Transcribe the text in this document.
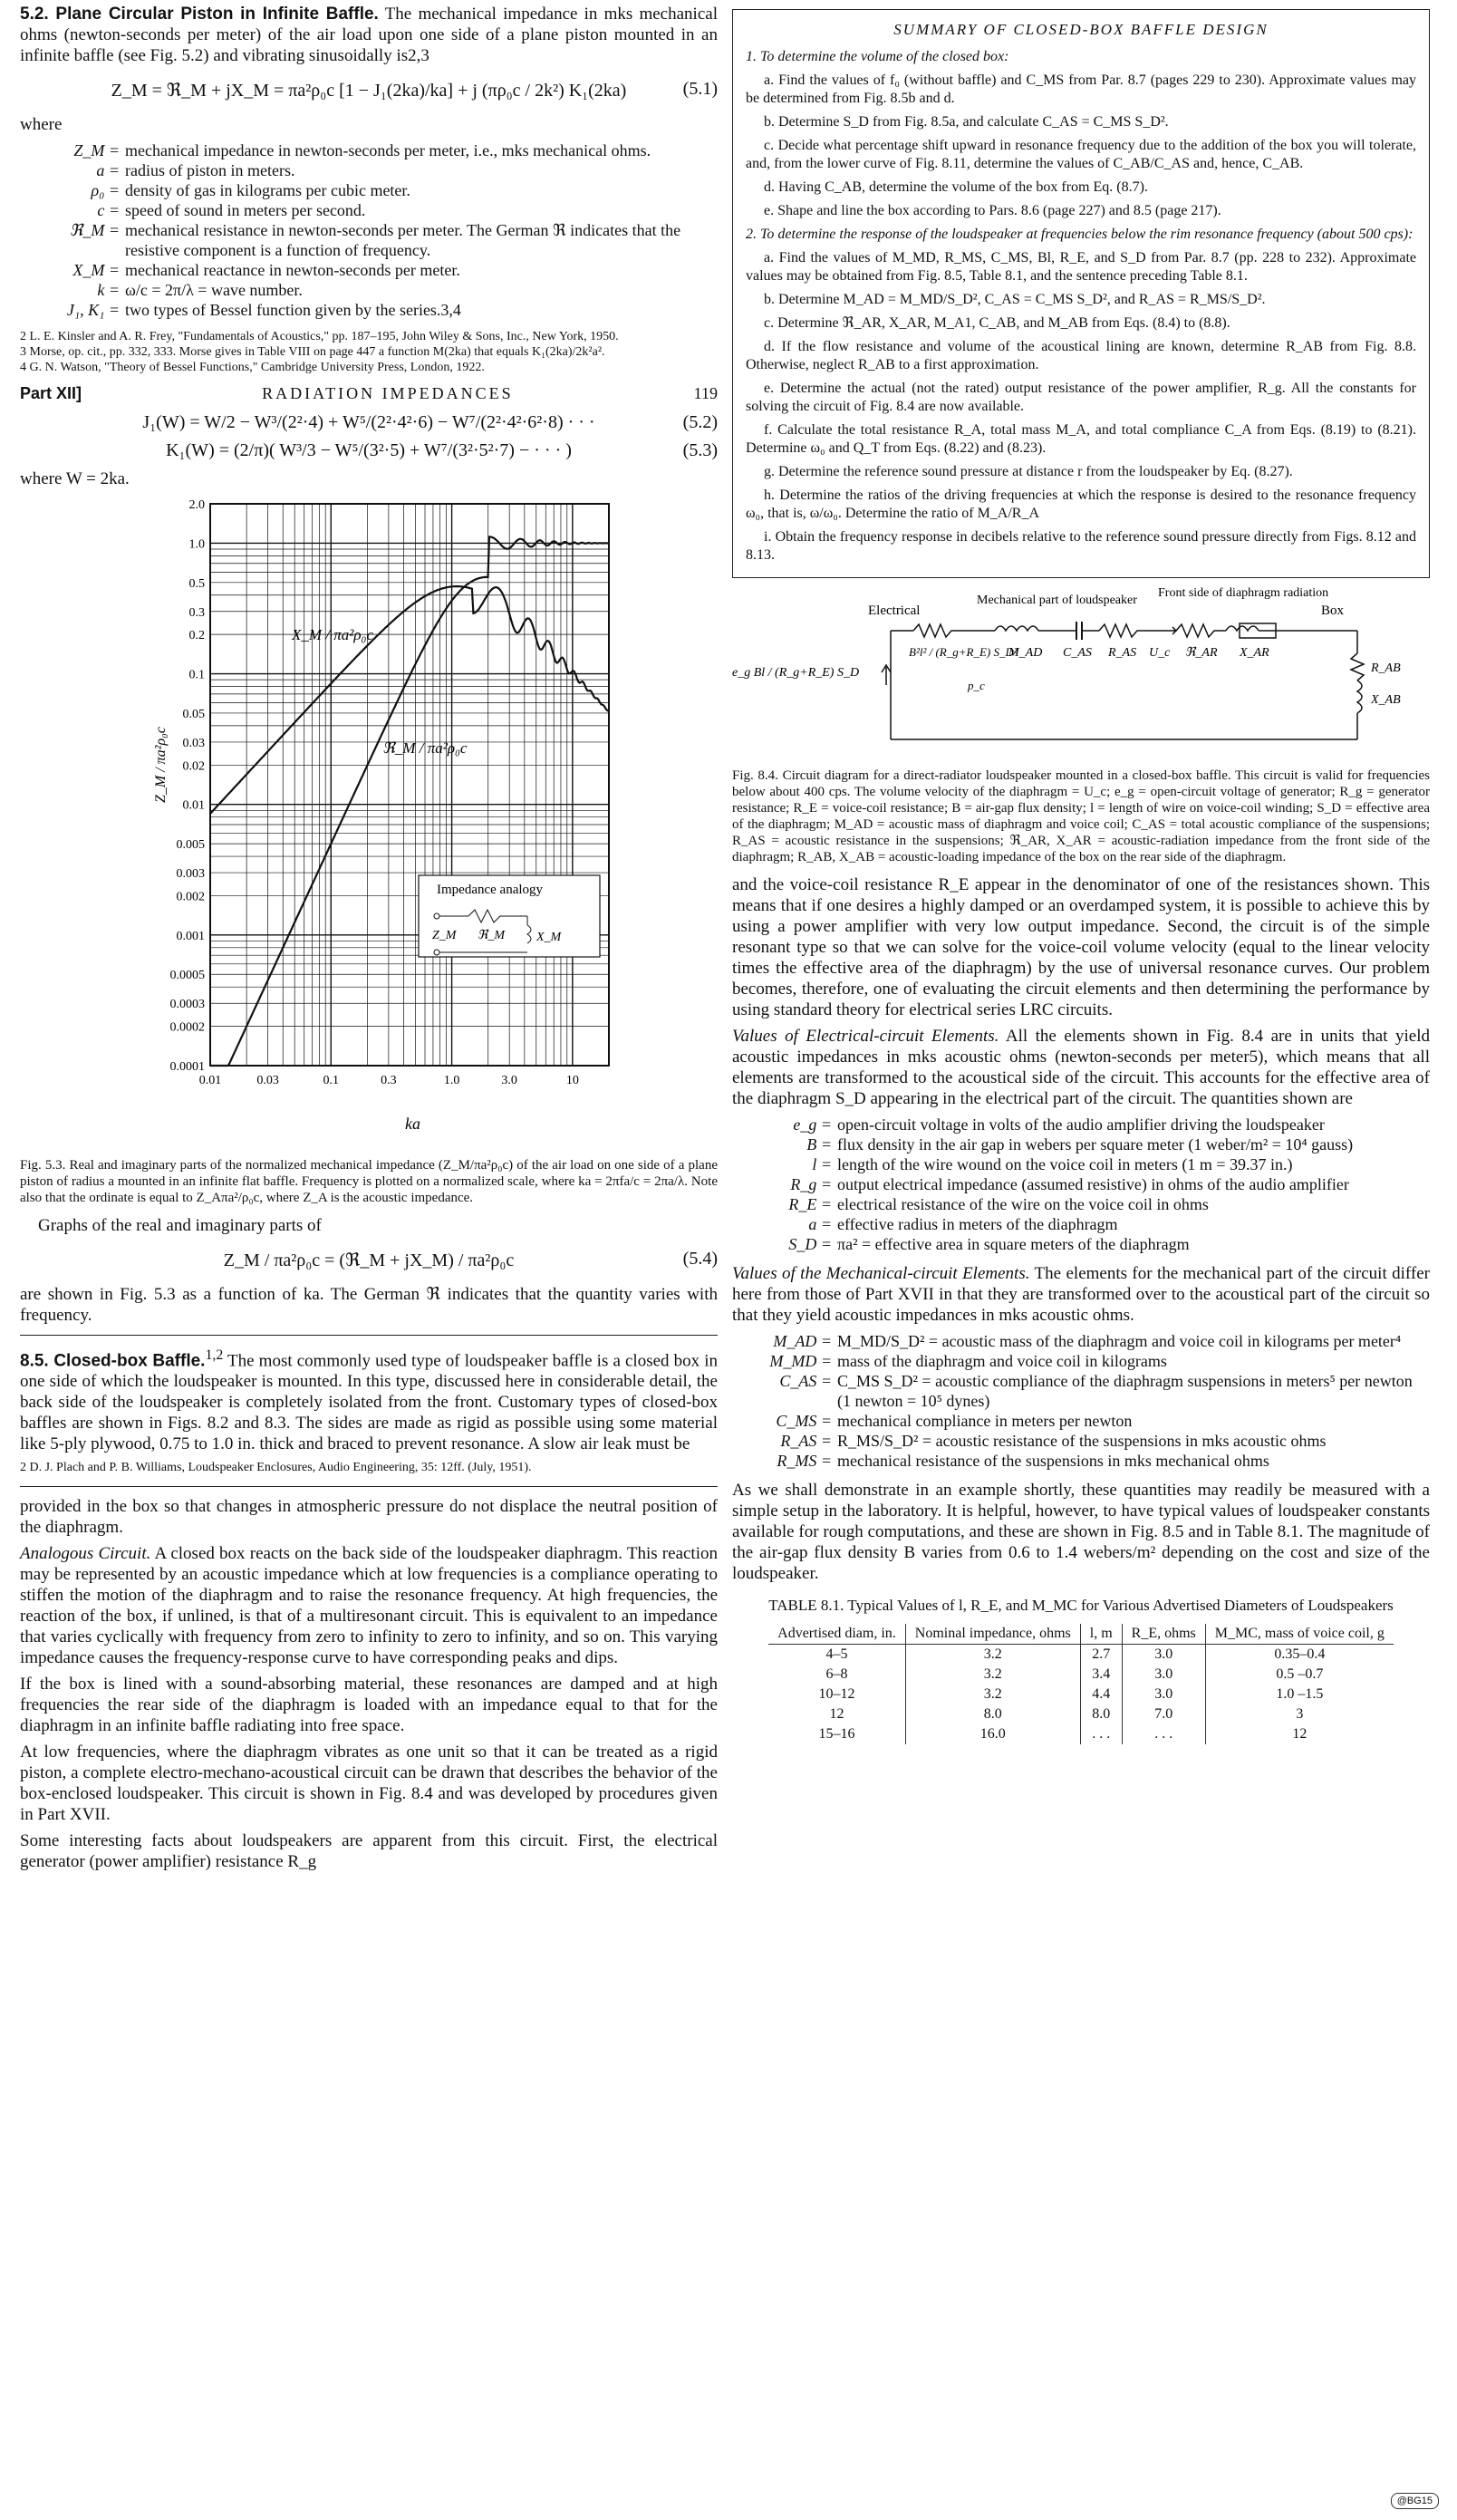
5.2. Plane Circular Piston in Infinite Baffle. The mechanical impedance in mks mechanical ohms (newton-seconds per meter) of the air load upon one side of a plane piston mounted in an infinite baffle (see Fig. 5.2) and vibrating sinusoidally is2,3

Z_M = ℜ_M + jX_M = πa²ρ₀c [1 − J₁(2ka)/ka] + j (πρ₀c / 2k²) K₁(2ka)	(5.1)

where

Z_M = mechanical impedance in newton-seconds per meter, i.e., mks mechanical ohms.
a = radius of piston in meters.
ρ₀ = density of gas in kilograms per cubic meter.
c = speed of sound in meters per second.
ℜ_M = mechanical resistance in newton-seconds per meter. The German ℜ indicates that the resistive component is a function of frequency.
X_M = mechanical reactance in newton-seconds per meter.
k = ω/c = 2π/λ = wave number.
J₁, K₁ = two types of Bessel function given by the series.3,4

2 L. E. Kinsler and A. R. Frey, "Fundamentals of Acoustics," pp. 187–195, John Wiley & Sons, Inc., New York, 1950.

3 Morse, op. cit., pp. 332, 333. Morse gives in Table VIII on page 447 a function M(2ka) that equals K₁(2ka)/2k²a².

4 G. N. Watson, "Theory of Bessel Functions," Cambridge University Press, London, 1922.

Part XII]	RADIATION IMPEDANCES	119
J₁(W) = W/2 − W³/(2²·4) + W⁵/(2²·4²·6) − W⁷/(2²·4²·6²·8) · · ·	(5.2)
K₁(W) = (2/π)( W³/3 − W⁵/(3²·5) + W⁷/(3²·5²·7) − · · · )	(5.3)

where W = 2ka.

2.0
1.0
0.5
0.3
0.2
0.1
0.05
0.03
0.02
0.01
0.005
0.003
0.002
0.001
0.0005
0.0003
0.0002
0.0001
0.01	0.03	0.1	0.3	1.0	3.0	10
ka
Z_M / πa²ρ₀c
X_M / πa²ρ₀c
ℜ_M / πa²ρ₀c
Impedance analogy
Z_M ℜ_M X_M

Fig. 5.3. Real and imaginary parts of the normalized mechanical impedance (Z_M/πa²ρ₀c) of the air load on one side of a plane piston of radius a mounted in an infinite flat baffle. Frequency is plotted on a normalized scale, where ka = 2πfa/c = 2πa/λ. Note also that the ordinate is equal to Z_Aπa²/ρ₀c, where Z_A is the acoustic impedance.

Graphs of the real and imaginary parts of

Z_M / πa²ρ₀c = (ℜ_M + jX_M) / πa²ρ₀c	(5.4)

are shown in Fig. 5.3 as a function of ka. The German ℜ indicates that the quantity varies with frequency.

8.5. Closed-box Baffle.$^{1,2}$ The most commonly used type of loudspeaker baffle is a closed box in one side of which the loudspeaker is mounted. In this type, discussed here in considerable detail, the back side of the loudspeaker is completely isolated from the front. Customary types of closed-box baffles are shown in Figs. 8.2 and 8.3. The sides are made as rigid as possible using some material like 5-ply plywood, 0.75 to 1.0 in. thick and braced to prevent resonance. A slow air leak must be

2 D. J. Plach and P. B. Williams, Loudspeaker Enclosures, Audio Engineering, 35: 12ff. (July, 1951).

provided in the box so that changes in atmospheric pressure do not displace the neutral position of the diaphragm.

Analogous Circuit. A closed box reacts on the back side of the loudspeaker diaphragm. This reaction may be represented by an acoustic impedance which at low frequencies is a compliance operating to stiffen the motion of the diaphragm and to raise the resonance frequency. At high frequencies, the reaction of the box, if unlined, is that of a multiresonant circuit. This is equivalent to an impedance that varies cyclically with frequency from zero to infinity to zero to infinity, and so on. This varying impedance causes the frequency-response curve to have corresponding peaks and dips.

If the box is lined with a sound-absorbing material, these resonances are damped and at high frequencies the rear side of the diaphragm is loaded with an impedance equal to that for the diaphragm in an infinite baffle radiating into free space.

At low frequencies, where the diaphragm vibrates as one unit so that it can be treated as a rigid piston, a complete electro-mechano-acoustical circuit can be drawn that describes the behavior of the box-enclosed loudspeaker. This circuit is shown in Fig. 8.4 and was developed by procedures given in Part XVII.

Some interesting facts about loudspeakers are apparent from this circuit. First, the electrical generator (power amplifier) resistance R_g

SUMMARY OF CLOSED-BOX BAFFLE DESIGN

1. To determine the volume of the closed box:

a. Find the values of f₀ (without baffle) and C_MS from Par. 8.7 (pages 229 to 230). Approximate values may be determined from Fig. 8.5b and d.

b. Determine S_D from Fig. 8.5a, and calculate C_AS = C_MS S_D².

c. Decide what percentage shift upward in resonance frequency due to the addition of the box you will tolerate, and, from the lower curve of Fig. 8.11, determine the values of C_AB/C_AS and, hence, C_AB.

d. Having C_AB, determine the volume of the box from Eq. (8.7).

e. Shape and line the box according to Pars. 8.6 (page 227) and 8.5 (page 217).

2. To determine the response of the loudspeaker at frequencies below the rim resonance frequency (about 500 cps):

a. Find the values of M_MD, R_MS, C_MS, Bl, R_E, and S_D from Par. 8.7 (pp. 228 to 232). Approximate values may be obtained from Fig. 8.5, Table 8.1, and the sentence preceding Table 8.1.

b. Determine M_AD = M_MD/S_D², C_AS = C_MS S_D², and R_AS = R_MS/S_D².

c. Determine ℜ_AR, X_AR, M_A1, C_AB, and M_AB from Eqs. (8.4) to (8.8).

d. If the flow resistance and volume of the acoustical lining are known, determine R_AB from Fig. 8.8. Otherwise, neglect R_AB to a first approximation.

e. Determine the actual (not the rated) output resistance of the power amplifier, R_g. All the constants for solving the circuit of Fig. 8.4 are now available.

f. Calculate the total resistance R_A, total mass M_A, and total compliance C_A from Eqs. (8.19) to (8.21). Determine ω₀ and Q_T from Eqs. (8.22) and (8.23).

g. Determine the reference sound pressure at distance r from the loudspeaker by Eq. (8.27).

h. Determine the ratios of the driving frequencies at which the response is desired to the resonance frequency ω₀, that is, ω/ω₀. Determine the ratio of M_A/R_A

i. Obtain the frequency response in decibels relative to the reference sound pressure directly from Figs. 8.12 and 8.13.

Electrical
Mechanical part of loudspeaker
Front side of diaphragm radiation
Box
e_g Bl / (R_g+R_E) S_D
B²l² / (R_g+R_E) S_D²
p_c
M_AD C_AS R_AS U_c ℜ_AR X_AR
R_AB
X_AB

Fig. 8.4. Circuit diagram for a direct-radiator loudspeaker mounted in a closed-box baffle. This circuit is valid for frequencies below about 400 cps. The volume velocity of the diaphragm = U_c; e_g = open-circuit voltage of generator; R_g = generator resistance; R_E = voice-coil resistance; B = air-gap flux density; l = length of wire on voice-coil winding; S_D = effective area of the diaphragm; M_AD = acoustic mass of diaphragm and voice coil; C_AS = total acoustic compliance of the suspensions; R_AS = acoustic resistance in the suspensions; ℜ_AR, X_AR = acoustic-radiation impedance from the front side of the diaphragm; R_AB, X_AB = acoustic-loading impedance of the box on the rear side of the diaphragm.

and the voice-coil resistance R_E appear in the denominator of one of the resistances shown. This means that if one desires a highly damped or an overdamped system, it is possible to achieve this by using a power amplifier with very low output impedance. Second, the circuit is of the simple resonant type so that we can solve for the voice-coil volume velocity (equal to the linear velocity times the effective area of the diaphragm) by the use of universal resonance curves. Our problem becomes, therefore, one of evaluating the circuit elements and then determining the performance by using standard theory for electrical series LRC circuits.

Values of Electrical-circuit Elements. All the elements shown in Fig. 8.4 are in units that yield acoustic impedances in mks acoustic ohms (newton-seconds per meter5), which means that all elements are transformed to the acoustical side of the circuit. This accounts for the effective area of the diaphragm S_D appearing in the electrical part of the circuit. The quantities shown are

e_g = open-circuit voltage in volts of the audio amplifier driving the loudspeaker
B = flux density in the air gap in webers per square meter (1 weber/m² = 10⁴ gauss)
l = length of the wire wound on the voice coil in meters (1 m = 39.37 in.)
R_g = output electrical impedance (assumed resistive) in ohms of the audio amplifier
R_E = electrical resistance of the wire on the voice coil in ohms
a = effective radius in meters of the diaphragm
S_D = πa² = effective area in square meters of the diaphragm

Values of the Mechanical-circuit Elements. The elements for the mechanical part of the circuit differ here from those of Part XVII in that they are transformed over to the acoustical part of the circuit so that they yield acoustic impedances in mks acoustic ohms.

M_AD = M_MD/S_D² = acoustic mass of the diaphragm and voice coil in kilograms per meter⁴
M_MD = mass of the diaphragm and voice coil in kilograms
C_AS = C_MS S_D² = acoustic compliance of the diaphragm suspensions in meters⁵ per newton (1 newton = 10⁵ dynes)
C_MS = mechanical compliance in meters per newton
R_AS = R_MS/S_D² = acoustic resistance of the suspensions in mks acoustic ohms
R_MS = mechanical resistance of the suspensions in mks mechanical ohms

As we shall demonstrate in an example shortly, these quantities may readily be measured with a simple setup in the laboratory. It is helpful, however, to have typical values of loudspeaker constants available for rough computations, and these are shown in Fig. 8.5 and in Table 8.1. The magnitude of the air-gap flux density B varies from 0.6 to 1.4 webers/m² depending on the cost and size of the loudspeaker.

TABLE 8.1. Typical Values of l, R_E, and M_MC for Various Advertised Diameters of Loudspeakers
Advertised diam, in.	Nominal impedance, ohms	l, m	R_E, ohms	M_MC, mass of voice coil, g
4–5	3.2	2.7	3.0	0.35–0.4
6–8	3.2	3.4	3.0	0.5 –0.7
10–12	3.2	4.4	3.0	1.0 –1.5
12	8.0	8.0	7.0	3
15–16	16.0	. . .	. . .	12
@BG15
